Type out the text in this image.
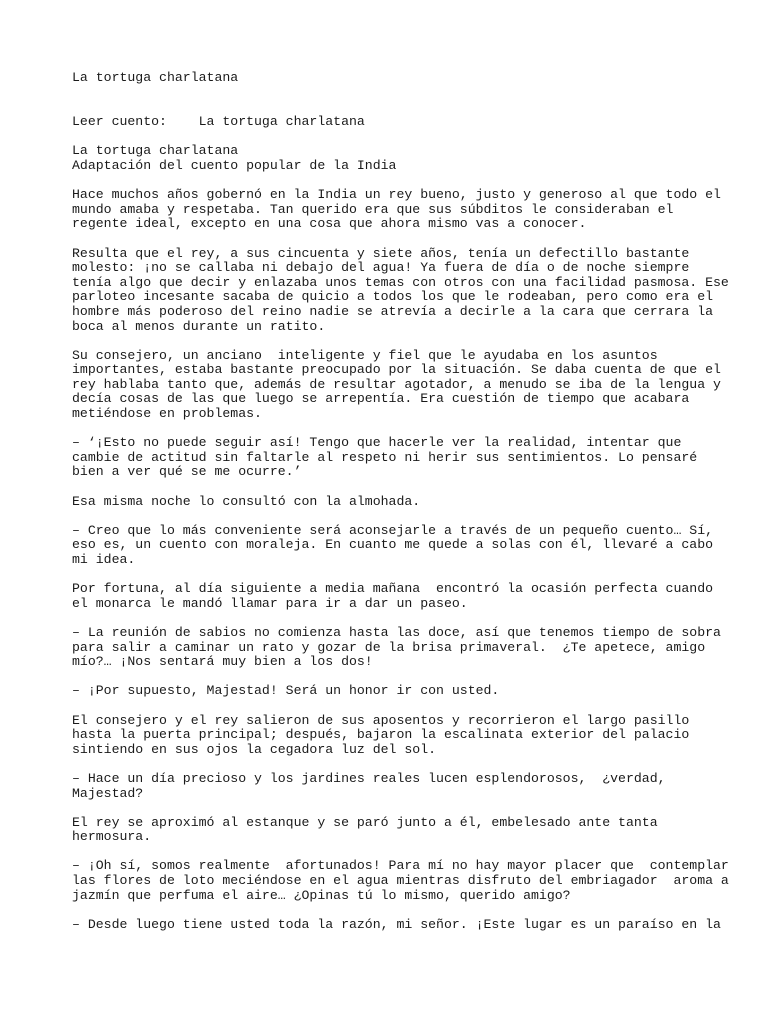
La tortuga charlatana
Leer cuento:    La tortuga charlatana
La tortuga charlatana
Adaptación del cuento popular de la India
Hace muchos años gobernó en la India un rey bueno, justo y generoso al que todo el
mundo amaba y respetaba. Tan querido era que sus súbditos le consideraban el
regente ideal, excepto en una cosa que ahora mismo vas a conocer.
Resulta que el rey, a sus cincuenta y siete años, tenía un defectillo bastante
molesto: ¡no se callaba ni debajo del agua! Ya fuera de día o de noche siempre
tenía algo que decir y enlazaba unos temas con otros con una facilidad pasmosa. Ese
parloteo incesante sacaba de quicio a todos los que le rodeaban, pero como era el
hombre más poderoso del reino nadie se atrevía a decirle a la cara que cerrara la
boca al menos durante un ratito.
Su consejero, un anciano  inteligente y fiel que le ayudaba en los asuntos
importantes, estaba bastante preocupado por la situación. Se daba cuenta de que el
rey hablaba tanto que, además de resultar agotador, a menudo se iba de la lengua y
decía cosas de las que luego se arrepentía. Era cuestión de tiempo que acabara
metiéndose en problemas.
– ‘¡Esto no puede seguir así! Tengo que hacerle ver la realidad, intentar que
cambie de actitud sin faltarle al respeto ni herir sus sentimientos. Lo pensaré
bien a ver qué se me ocurre.’
Esa misma noche lo consultó con la almohada.
– Creo que lo más conveniente será aconsejarle a través de un pequeño cuento… Sí,
eso es, un cuento con moraleja. En cuanto me quede a solas con él, llevaré a cabo
mi idea.
Por fortuna, al día siguiente a media mañana  encontró la ocasión perfecta cuando
el monarca le mandó llamar para ir a dar un paseo.
– La reunión de sabios no comienza hasta las doce, así que tenemos tiempo de sobra
para salir a caminar un rato y gozar de la brisa primaveral.  ¿Te apetece, amigo
mío?… ¡Nos sentará muy bien a los dos!
– ¡Por supuesto, Majestad! Será un honor ir con usted.
El consejero y el rey salieron de sus aposentos y recorrieron el largo pasillo
hasta la puerta principal; después, bajaron la escalinata exterior del palacio
sintiendo en sus ojos la cegadora luz del sol.
– Hace un día precioso y los jardines reales lucen esplendorosos,  ¿verdad,
Majestad?
El rey se aproximó al estanque y se paró junto a él, embelesado ante tanta
hermosura.
– ¡Oh sí, somos realmente  afortunados! Para mí no hay mayor placer que  contemplar
las flores de loto meciéndose en el agua mientras disfruto del embriagador  aroma a
jazmín que perfuma el aire… ¿Opinas tú lo mismo, querido amigo?
– Desde luego tiene usted toda la razón, mi señor. ¡Este lugar es un paraíso en la
